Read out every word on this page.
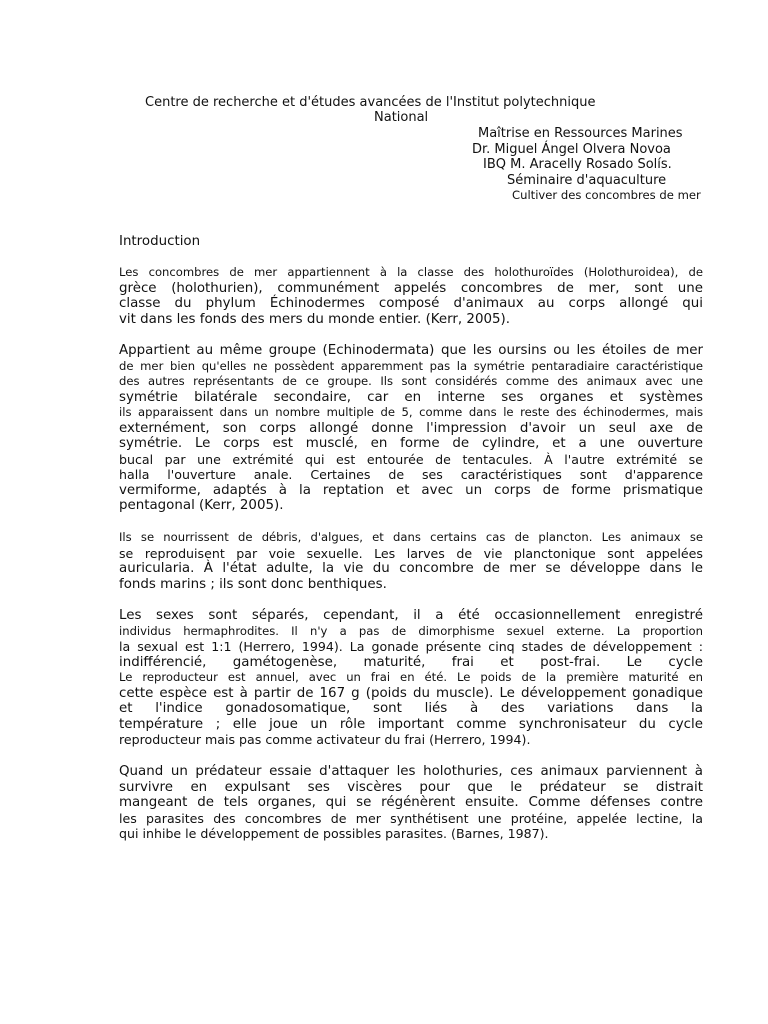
Centre de recherche et d'études avancées de l'Institut polytechnique
National
Maîtrise en Ressources Marines
Dr. Miguel Ángel Olvera Novoa
IBQ M. Aracelly Rosado Solís.
Séminaire d'aquaculture
Cultiver des concombres de mer
Introduction
Les concombres de mer appartiennent à la classe des holothuroïdes (Holothuroidea), de
grèce (holothurien), communément appelés concombres de mer, sont une
classe du phylum Échinodermes composé d'animaux au corps allongé qui
vit dans les fonds des mers du monde entier. (Kerr, 2005).
Appartient au même groupe (Echinodermata) que les oursins ou les étoiles de mer
de mer bien qu'elles ne possèdent apparemment pas la symétrie pentaradiaire caractéristique
des autres représentants de ce groupe. Ils sont considérés comme des animaux avec une
symétrie bilatérale secondaire, car en interne ses organes et systèmes
ils apparaissent dans un nombre multiple de 5, comme dans le reste des échinodermes, mais
externément, son corps allongé donne l'impression d'avoir un seul axe de
symétrie. Le corps est musclé, en forme de cylindre, et a une ouverture
bucal par une extrémité qui est entourée de tentacules. À l'autre extrémité se
halla l'ouverture anale. Certaines de ses caractéristiques sont d'apparence
vermiforme, adaptés à la reptation et avec un corps de forme prismatique
pentagonal (Kerr, 2005).
Ils se nourrissent de débris, d'algues, et dans certains cas de plancton. Les animaux se
se reproduisent par voie sexuelle. Les larves de vie planctonique sont appelées
auricularia. À l'état adulte, la vie du concombre de mer se développe dans le
fonds marins ; ils sont donc benthiques.
Les sexes sont séparés, cependant, il a été occasionnellement enregistré
individus hermaphrodites. Il n'y a pas de dimorphisme sexuel externe. La proportion
la sexual est 1:1 (Herrero, 1994). La gonade présente cinq stades de développement :
indifférencié, gamétogenèse, maturité, frai et post-frai. Le cycle
Le reproducteur est annuel, avec un frai en été. Le poids de la première maturité en
cette espèce est à partir de 167 g (poids du muscle). Le développement gonadique
et l'indice gonadosomatique, sont liés à des variations dans la
température ; elle joue un rôle important comme synchronisateur du cycle
reproducteur mais pas comme activateur du frai (Herrero, 1994).
Quand un prédateur essaie d'attaquer les holothuries, ces animaux parviennent à
survivre en expulsant ses viscères pour que le prédateur se distrait
mangeant de tels organes, qui se régénèrent ensuite. Comme défenses contre
les parasites des concombres de mer synthétisent une protéine, appelée lectine, la
qui inhibe le développement de possibles parasites. (Barnes, 1987).
